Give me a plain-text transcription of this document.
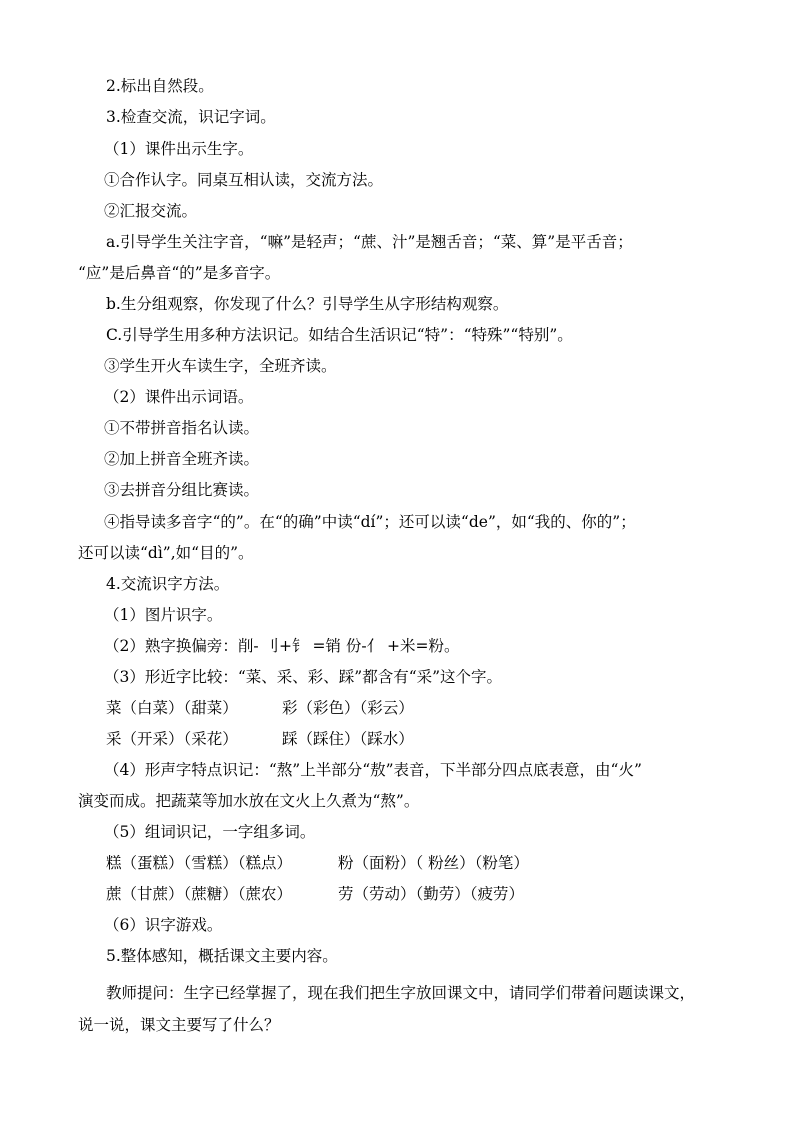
2.标出自然段。
3.检查交流，识记字词。
（1）课件出示生字。
①合作认字。同桌互相认读，交流方法。
②汇报交流。
a.引导学生关注字音，“嘛”是轻声；“蔗、汁”是翘舌音；“菜、算”是平舌音；
“应”是后鼻音“的”是多音字。
b.生分组观察，你发现了什么？引导学生从字形结构观察。
C.引导学生用多种方法识记。如结合生活识记“特”：“特殊”“特别”。
③学生开火车读生字，全班齐读。
（2）课件出示词语。
①不带拼音指名认读。
②加上拼音全班齐读。
③去拼音分组比赛读。
④指导读多音字“的”。在“的确”中读“dí”；还可以读“de”，如“我的、你的”；
还可以读“dì”,如“目的”。
4.交流识字方法。
（1）图片识字。
（2）熟字换偏旁：削- 刂+钅 =销 份-亻 +米=粉。
（3）形近字比较：“菜、采、彩、踩”都含有“采”这个字。
菜（白菜）（甜菜）	彩（彩色）（彩云）
采（开采）（采花）	踩（踩住）（踩水）
（4）形声字特点识记：“熬”上半部分“敖”表音，下半部分四点底表意，由“火”
演变而成。把蔬菜等加水放在文火上久煮为“熬”。
（5）组词识记，一字组多词。
糕（蛋糕）（雪糕）（糕点）	粉（面粉）（ 粉丝）（粉笔）
蔗（甘蔗）（蔗糖）（蔗农）	劳（劳动）（勤劳）（疲劳）
（6）识字游戏。
5.整体感知，概括课文主要内容。
教师提问：生字已经掌握了，现在我们把生字放回课文中，请同学们带着问题读课文，
说一说，课文主要写了什么？
